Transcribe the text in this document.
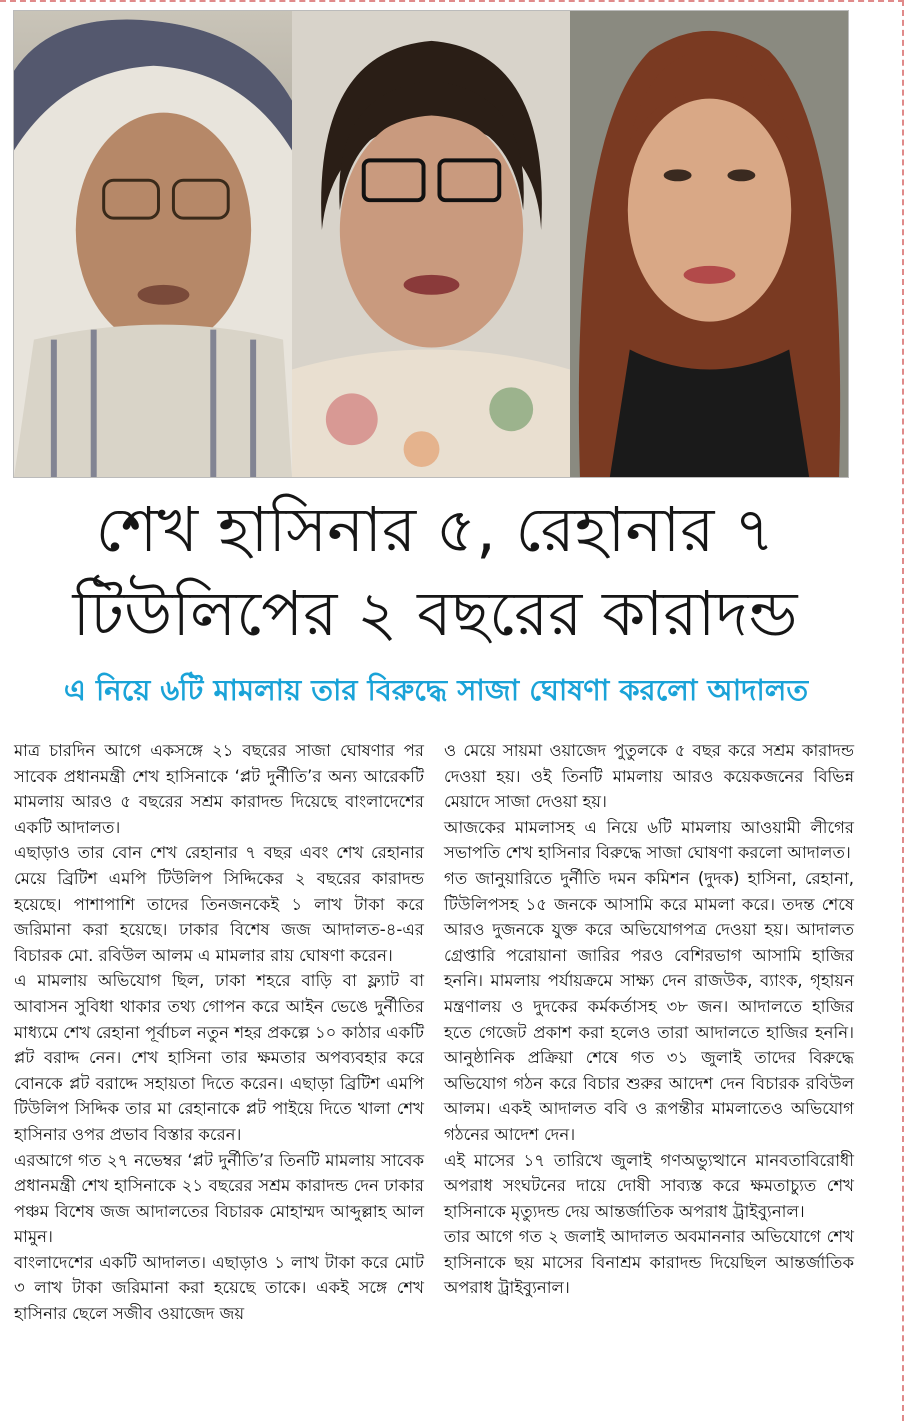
শেখ হাসিনার ৫, রেহানার ৭
টিউলিপের ২ বছরের কারাদন্ড
এ নিয়ে ৬টি মামলায় তার বিরুদ্ধে সাজা ঘোষণা করলো আদালত

মাত্র চারদিন আগে একসঙ্গে ২১ বছরের সাজা ঘোষণার পর সাবেক প্রধানমন্ত্রী শেখ হাসিনাকে ‘প্লট দুর্নীতি’র অন্য আরেকটি মামলায় আরও ৫ বছরের সশ্রম কারাদন্ড দিয়েছে বাংলাদেশের একটি আদালত।

এছাড়াও তার বোন শেখ রেহানার ৭ বছর এবং শেখ রেহানার মেয়ে ব্রিটিশ এমপি টিউলিপ সিদ্দিকের ২ বছরের কারাদন্ড হয়েছে। পাশাপাশি তাদের তিনজনকেই ১ লাখ টাকা করে জরিমানা করা হয়েছে। ঢাকার বিশেষ জজ আদালত-৪-এর বিচারক মো. রবিউল আলম এ মামলার রায় ঘোষণা করেন।

এ মামলায় অভিযোগ ছিল, ঢাকা শহরে বাড়ি বা ফ্ল্যাট বা আবাসন সুবিধা থাকার তথ্য গোপন করে আইন ভেঙে দুর্নীতির মাধ্যমে শেখ রেহানা পূর্বাচল নতুন শহর প্রকল্পে ১০ কাঠার একটি প্লট বরাদ্দ নেন। শেখ হাসিনা তার ক্ষমতার অপব্যবহার করে বোনকে প্লট বরাদ্দে সহায়তা দিতে করেন। এছাড়া ব্রিটিশ এমপি টিউলিপ সিদ্দিক তার মা রেহানাকে প্লট পাইয়ে দিতে খালা শেখ হাসিনার ওপর প্রভাব বিস্তার করেন।

এরআগে গত ২৭ নভেম্বর ‘প্লট দুর্নীতি’র তিনটি মামলায় সাবেক প্রধানমন্ত্রী শেখ হাসিনাকে ২১ বছরের সশ্রম কারাদন্ড দেন ঢাকার পঞ্চম বিশেষ জজ আদালতের বিচারক মোহাম্মদ আব্দুল্লাহ আল মামুন।

বাংলাদেশের একটি আদালত। এছাড়াও ১ লাখ টাকা করে মোট ৩ লাখ টাকা জরিমানা করা হয়েছে তাকে। একই সঙ্গে শেখ হাসিনার ছেলে সজীব ওয়াজেদ জয়

ও মেয়ে সায়মা ওয়াজেদ পুতুলকে ৫ বছর করে সশ্রম কারাদন্ড দেওয়া হয়। ওই তিনটি মামলায় আরও কয়েকজনের বিভিন্ন মেয়াদে সাজা দেওয়া হয়।

আজকের মামলাসহ এ নিয়ে ৬টি মামলায় আওয়ামী লীগের সভাপতি শেখ হাসিনার বিরুদ্ধে সাজা ঘোষণা করলো আদালত।

গত জানুয়ারিতে দুর্নীতি দমন কমিশন (দুদক) হাসিনা, রেহানা, টিউলিপসহ ১৫ জনকে আসামি করে মামলা করে। তদন্ত শেষে আরও দুজনকে যুক্ত করে অভিযোগপত্র দেওয়া হয়। আদালত গ্রেপ্তারি পরোয়ানা জারির পরও বেশিরভাগ আসামি হাজির হননি। মামলায় পর্যায়ক্রমে সাক্ষ্য দেন রাজউক, ব্যাংক, গৃহায়ন মন্ত্রণালয় ও দুদকের কর্মকর্তাসহ ৩৮ জন। আদালতে হাজির হতে গেজেট প্রকাশ করা হলেও তারা আদালতে হাজির হননি। আনুষ্ঠানিক প্রক্রিয়া শেষে গত ৩১ জুলাই তাদের বিরুদ্ধে অভিযোগ গঠন করে বিচার শুরুর আদেশ দেন বিচারক রবিউল আলম। একই আদালত ববি ও রূপন্তীর মামলাতেও অভিযোগ গঠনের আদেশ দেন।

এই মাসের ১৭ তারিখে জুলাই গণঅভ্যুত্থানে মানবতাবিরোধী অপরাধ সংঘটনের দায়ে দোষী সাব্যস্ত করে ক্ষমতাচ্যুত শেখ হাসিনাকে মৃত্যুদন্ড দেয় আন্তর্জাতিক অপরাধ ট্রাইব্যুনাল।

তার আগে গত ২ জলাই আদালত অবমাননার অভিযোগে শেখ হাসিনাকে ছয় মাসের বিনাশ্রম কারাদন্ড দিয়েছিল আন্তর্জাতিক অপরাধ ট্রাইব্যুনাল।
